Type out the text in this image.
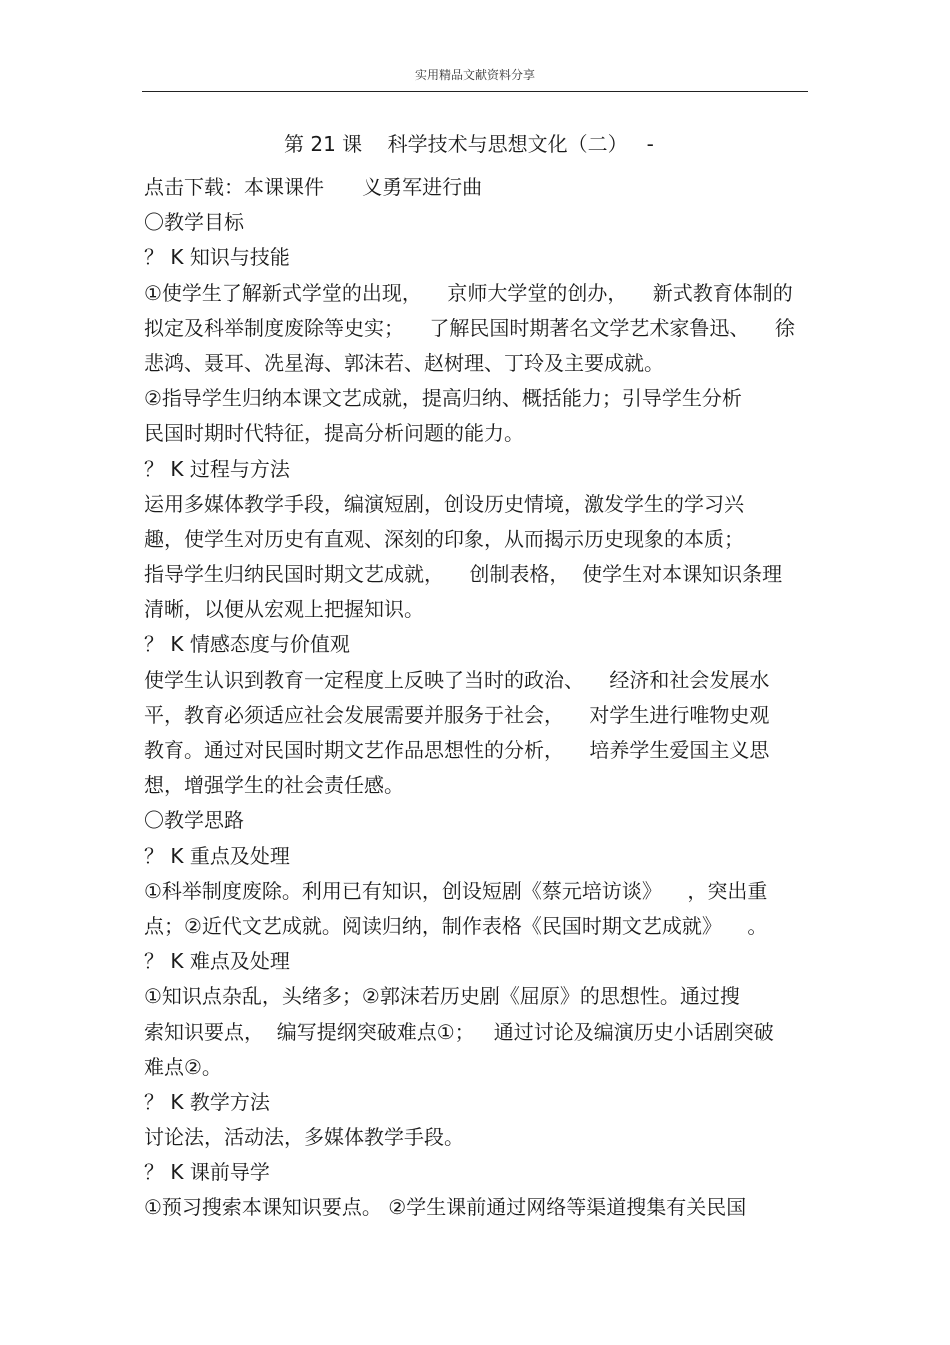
实用精品文献资料分享
第 21 课    科学技术与思想文化（二）   -
点击下载：本课课件      义勇军进行曲
〇教学目标
？ K 知识与技能
①使学生了解新式学堂的出现，    京师大学堂的创办，    新式教育体制的
拟定及科举制度废除等史实；    了解民国时期著名文学艺术家鲁迅、    徐
悲鸿、聂耳、冼星海、郭沫若、赵树理、丁玲及主要成就。
②指导学生归纳本课文艺成就，提高归纳、概括能力；引导学生分析
民国时期时代特征，提高分析问题的能力。
？ K 过程与方法
运用多媒体教学手段，编演短剧，创设历史情境，激发学生的学习兴
趣，使学生对历史有直观、深刻的印象，从而揭示历史现象的本质；
指导学生归纳民国时期文艺成就，    创制表格，  使学生对本课知识条理
清晰，以便从宏观上把握知识。
？ K 情感态度与价值观
使学生认识到教育一定程度上反映了当时的政治、    经济和社会发展水
平，教育必须适应社会发展需要并服务于社会，    对学生进行唯物史观
教育。通过对民国时期文艺作品思想性的分析，    培养学生爱国主义思
想，增强学生的社会责任感。
〇教学思路
？ K 重点及处理
①科举制度废除。利用已有知识，创设短剧《蔡元培访谈》    ，突出重
点；②近代文艺成就。阅读归纳，制作表格《民国时期文艺成就》    。
？ K 难点及处理
①知识点杂乱，头绪多；②郭沫若历史剧《屈原》的思想性。通过搜
索知识要点，  编写提纲突破难点①；   通过讨论及编演历史小话剧突破
难点②。
？ K 教学方法
讨论法，活动法，多媒体教学手段。
？ K 课前导学
①预习搜索本课知识要点。 ②学生课前通过网络等渠道搜集有关民国
